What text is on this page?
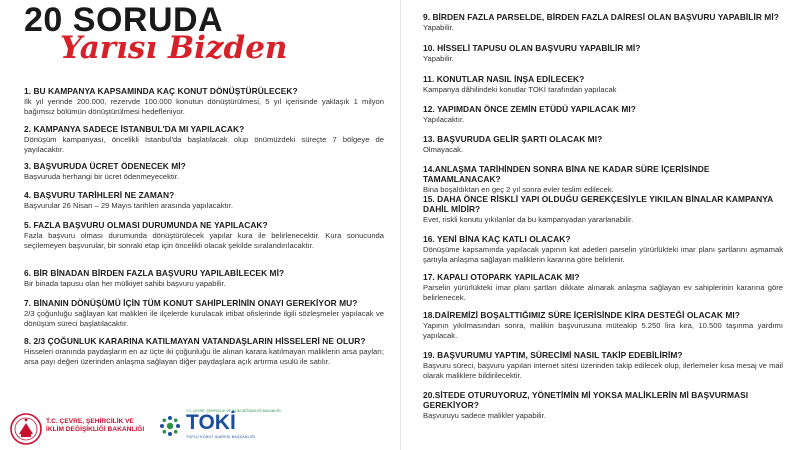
20 SORUDA
Yarısı Bizden
1. BU KAMPANYA KAPSAMINDA KAÇ KONUT DÖNÜŞTÜRÜLECEK?
İlk yıl yerinde 200.000, rezervde 100.000 konutun dönüştürülmesi, 5 yıl içerisinde yaklaşık 1 milyon bağımsız bölümün dönüştürülmesi hedefleniyor.
2. KAMPANYA SADECE İSTANBUL'DA MI YAPILACAK?
Dönüşüm kampanyası, öncelikli İstanbul'da başlatılacak olup önümüzdeki süreçte 7 bölgeye de yayılacaktır.
3. BAŞVURUDA ÜCRET ÖDENECEK Mİ?
Başvuruda herhangi bir ücret ödenmeyecektir.
4. BAŞVURU TARİHLERİ NE ZAMAN?
Başvurular 26 Nisan – 29 Mayıs tarihleri arasında yapılacaktır.
5. FAZLA BAŞVURU OLMASI DURUMUNDA NE YAPILACAK?
Fazla başvuru olması durumunda dönüştürülecek yapılar kura ile belirlenecektir. Kura sonucunda seçilemeyen başvurular, bir sonraki etap için öncelikli olacak şekilde sıralandırılacaktır.
6. BİR BİNADAN BİRDEN FAZLA BAŞVURU YAPILABİLECEK Mİ?
Bir binada tapusu olan her mülkiyet sahibi başvuru yapabilir.
7. BİNANIN DÖNÜŞÜMÜ İÇİN TÜM KONUT SAHİPLERİNİN ONAYI GEREKİYOR MU?
2/3 çoğunluğu sağlayan kat malikleri ile ilçelerde kurulacak irtibat ofislerinde ilgili sözleşmeler yapılacak ve dönüşüm süreci başlatılacaktır.
8. 2/3 ÇOĞUNLUK KARARINA KATILMAYAN VATANDAŞLARIN HİSSELERİ NE OLUR?
Hisseleri oranında paydaşların en az üçte iki çoğunluğu ile alınan karara katılmayan maliklerin arsa payları; arsa payı değeri üzerinden anlaşma sağlayan diğer paydaşlara açık artırma usulü ile satılır.
T.C. ÇEVRE, ŞEHİRCİLİK VE
İKLİM DEĞİŞİKLİĞİ BAKANLIĞI
T.C. ÇEVRE, ŞEHİRCİLİK VE İKLİM DEĞİŞİKLİĞİ BAKANLIĞI
TOKİ
TOPLU KONUT İDARESİ BAŞKANLIĞI
9. BİRDEN FAZLA PARSELDE, BİRDEN FAZLA DAİRESİ OLAN BAŞVURU YAPABİLİR Mİ?
Yapabilir.
10. HİSSELİ TAPUSU OLAN BAŞVURU YAPABİLİR Mİ?
Yapabilir.
11. KONUTLAR NASIL İNŞA EDİLECEK?
Kampanya dâhilindeki konutlar TOKİ tarafından yapılacak
12. YAPIMDAN ÖNCE ZEMİN ETÜDÜ YAPILACAK MI?
Yapılacaktır.
13. BAŞVURUDA GELİR ŞARTI OLACAK MI?
Olmayacak.
14.ANLAŞMA TARİHİNDEN SONRA BİNA NE KADAR SÜRE İÇERİSİNDE TAMAMLANACAK?
Bina boşaldıktan en geç 2 yıl sonra evler teslim edilecek.
15. DAHA ÖNCE RİSKLİ YAPI OLDUĞU GEREKÇESİYLE YIKILAN BİNALAR KAMPANYA DAHİL MİDİR?
Evet, riskli konutu yıkılanlar da bu kampanyadan yararlanabilir.
16. YENİ BİNA KAÇ KATLI OLACAK?
Dönüşüme kapsamında yapılacak yapının kat adetleri parselin yürürlükteki imar planı şartlarını aşmamak şartıyla anlaşma sağlayan maliklerin kararına göre belirlenir.
17. KAPALI OTOPARK YAPILACAK MI?
Parselin yürürlükteki imar planı şartları dikkate alınarak anlaşma sağlayan ev sahiplerinin kararına göre belirlenecek.
18.DAİREMİZİ BOŞALTTIĞIMIZ SÜRE İÇERİSİNDE KİRA DESTEĞİ OLACAK MI?
Yapının yıkılmasından sonra, malikin başvurusuna müteakip 5.250 lira kira, 10.500 taşınma yardımı yapılacak.
19. BAŞVURUMU YAPTIM, SÜRECİMİ NASIL TAKİP EDEBİLİRİM?
Başvuru süreci, başvuru yapılan internet sitesi üzerinden takip edilecek olup, ilerlemeler kısa mesaj ve mail olarak maliklere bildirilecektir.
20.SİTEDE OTURUYORUZ, YÖNETİMİN Mİ YOKSA MALİKLERİN Mİ BAŞVURMASI GEREKİYOR?
Başvuruyu sadece malikler yapabilir.
